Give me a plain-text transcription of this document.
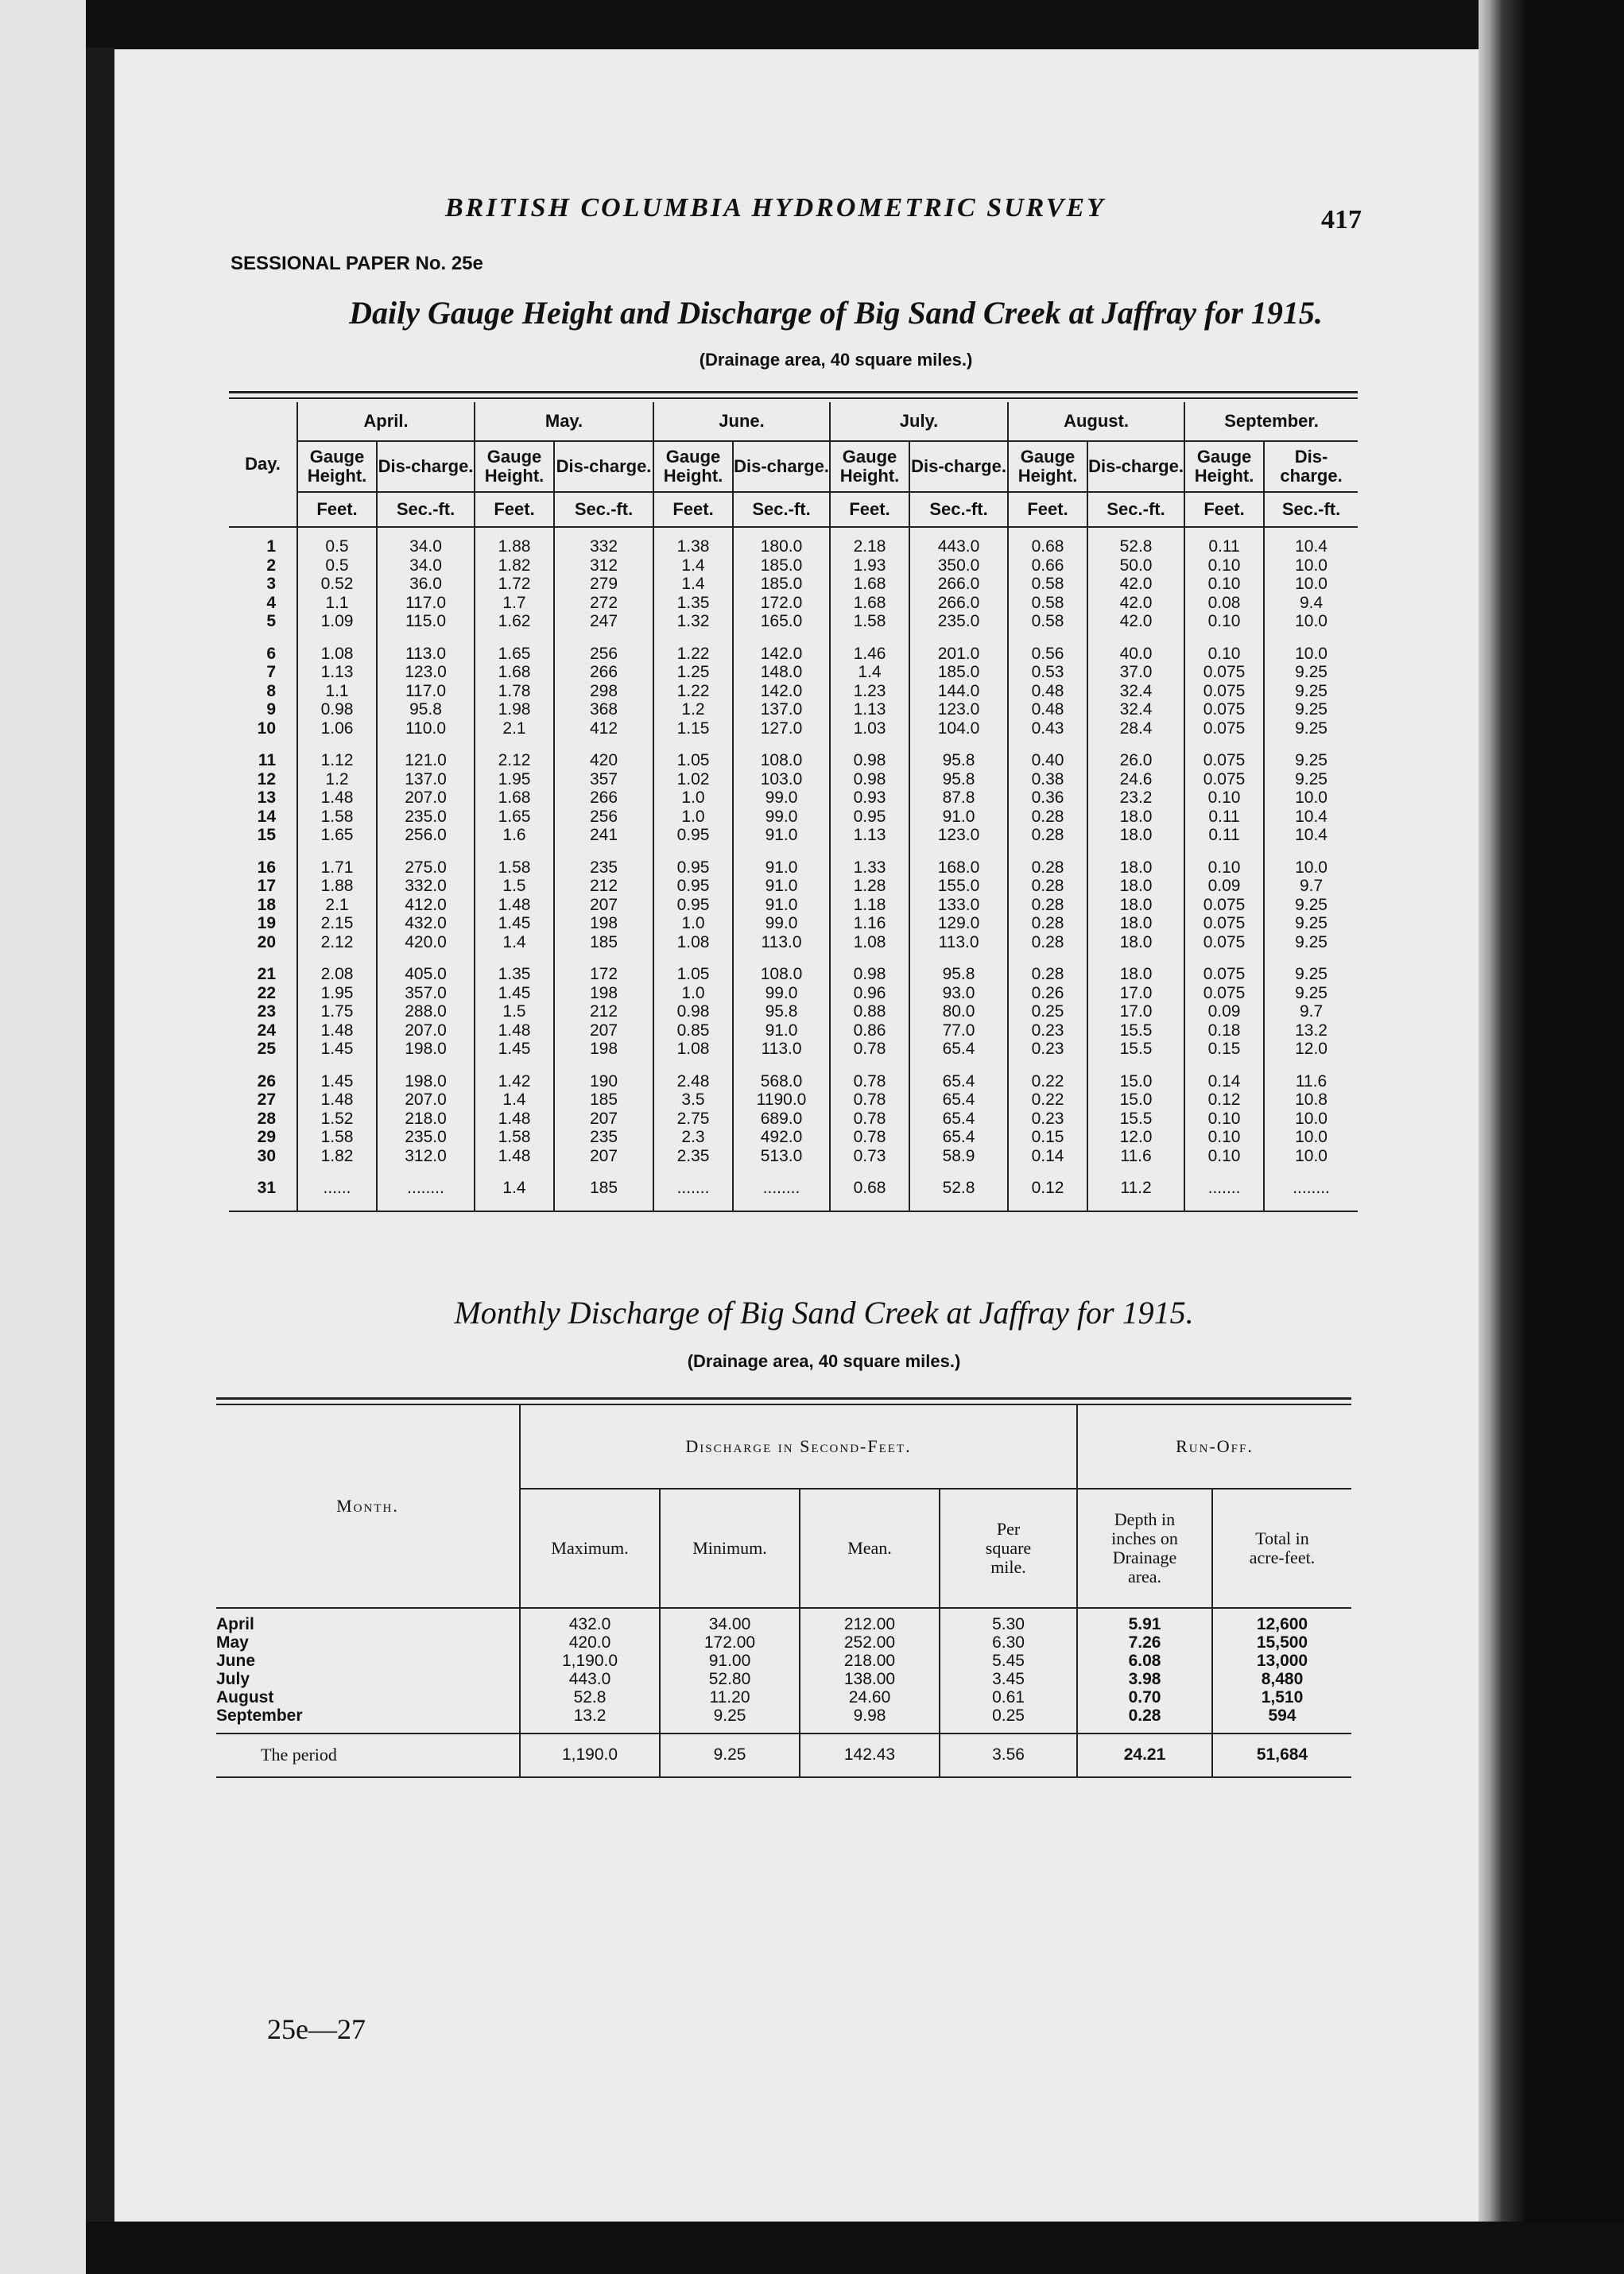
BRITISH COLUMBIA HYDROMETRIC SURVEY	417
SESSIONAL PAPER No. 25e
Daily Gauge Height and Discharge of Big Sand Creek at Jaffray for 1915.
(Drainage area, 40 square miles.)
Day.	April.		May.		June.		July.		August.		September.	
	Gauge Height.	Dis-charge.	Gauge Height.	Dis-charge.	Gauge Height.	Dis-charge.	Gauge Height.	Dis-charge.	Gauge Height.	Dis-charge.	Gauge Height.	Dis-charge.
	Feet.	Sec.-ft.	Feet.	Sec.-ft.	Feet.	Sec.-ft.	Feet.	Sec.-ft.	Feet.	Sec.-ft.	Feet.	Sec.-ft.
1	0.5	34.0	1.88	332	1.38	180.0	2.18	443.0	0.68	52.8	0.11	10.4
2	0.5	34.0	1.82	312	1.4	185.0	1.93	350.0	0.66	50.0	0.10	10.0
3	0.52	36.0	1.72	279	1.4	185.0	1.68	266.0	0.58	42.0	0.10	10.0
4	1.1	117.0	1.7	272	1.35	172.0	1.68	266.0	0.58	42.0	0.08	9.4
5	1.09	115.0	1.62	247	1.32	165.0	1.58	235.0	0.58	42.0	0.10	10.0

6	1.08	113.0	1.65	256	1.22	142.0	1.46	201.0	0.56	40.0	0.10	10.0
7	1.13	123.0	1.68	266	1.25	148.0	1.4	185.0	0.53	37.0	0.075	9.25
8	1.1	117.0	1.78	298	1.22	142.0	1.23	144.0	0.48	32.4	0.075	9.25
9	0.98	95.8	1.98	368	1.2	137.0	1.13	123.0	0.48	32.4	0.075	9.25
10	1.06	110.0	2.1	412	1.15	127.0	1.03	104.0	0.43	28.4	0.075	9.25

11	1.12	121.0	2.12	420	1.05	108.0	0.98	95.8	0.40	26.0	0.075	9.25
12	1.2	137.0	1.95	357	1.02	103.0	0.98	95.8	0.38	24.6	0.075	9.25
13	1.48	207.0	1.68	266	1.0	99.0	0.93	87.8	0.36	23.2	0.10	10.0
14	1.58	235.0	1.65	256	1.0	99.0	0.95	91.0	0.28	18.0	0.11	10.4
15	1.65	256.0	1.6	241	0.95	91.0	1.13	123.0	0.28	18.0	0.11	10.4

16	1.71	275.0	1.58	235	0.95	91.0	1.33	168.0	0.28	18.0	0.10	10.0
17	1.88	332.0	1.5	212	0.95	91.0	1.28	155.0	0.28	18.0	0.09	9.7
18	2.1	412.0	1.48	207	0.95	91.0	1.18	133.0	0.28	18.0	0.075	9.25
19	2.15	432.0	1.45	198	1.0	99.0	1.16	129.0	0.28	18.0	0.075	9.25
20	2.12	420.0	1.4	185	1.08	113.0	1.08	113.0	0.28	18.0	0.075	9.25

21	2.08	405.0	1.35	172	1.05	108.0	0.98	95.8	0.28	18.0	0.075	9.25
22	1.95	357.0	1.45	198	1.0	99.0	0.96	93.0	0.26	17.0	0.075	9.25
23	1.75	288.0	1.5	212	0.98	95.8	0.88	80.0	0.25	17.0	0.09	9.7
24	1.48	207.0	1.48	207	0.85	91.0	0.86	77.0	0.23	15.5	0.18	13.2
25	1.45	198.0	1.45	198	1.08	113.0	0.78	65.4	0.23	15.5	0.15	12.0

26	1.45	198.0	1.42	190	2.48	568.0	0.78	65.4	0.22	15.0	0.14	11.6
27	1.48	207.0	1.4	185	3.5	1190.0	0.78	65.4	0.22	15.0	0.12	10.8
28	1.52	218.0	1.48	207	2.75	689.0	0.78	65.4	0.23	15.5	0.10	10.0
29	1.58	235.0	1.58	235	2.3	492.0	0.78	65.4	0.15	12.0	0.10	10.0
30	1.82	312.0	1.48	207	2.35	513.0	0.73	58.9	0.14	11.6	0.10	10.0

31	......	........	1.4	185	.......	........	0.68	52.8	0.12	11.2	.......	........
Monthly Discharge of Big Sand Creek at Jaffray for 1915.
(Drainage area, 40 square miles.)
Month.	Discharge in Second-Feet.				Run-Off.	
	Maximum.	Minimum.	Mean.	Per square mile.	Depth in inches on Drainage area.	Total in acre-feet.
April	432.0	34.00	212.00	5.30	5.91	12,600
May	420.0	172.00	252.00	6.30	7.26	15,500
June	1,190.0	91.00	218.00	5.45	6.08	13,000
July	443.0	52.80	138.00	3.45	3.98	8,480
August	52.8	11.20	24.60	0.61	0.70	1,510
September	13.2	9.25	9.98	0.25	0.28	594
The period	1,190.0	9.25	142.43	3.56	24.21	51,684
25e—27
